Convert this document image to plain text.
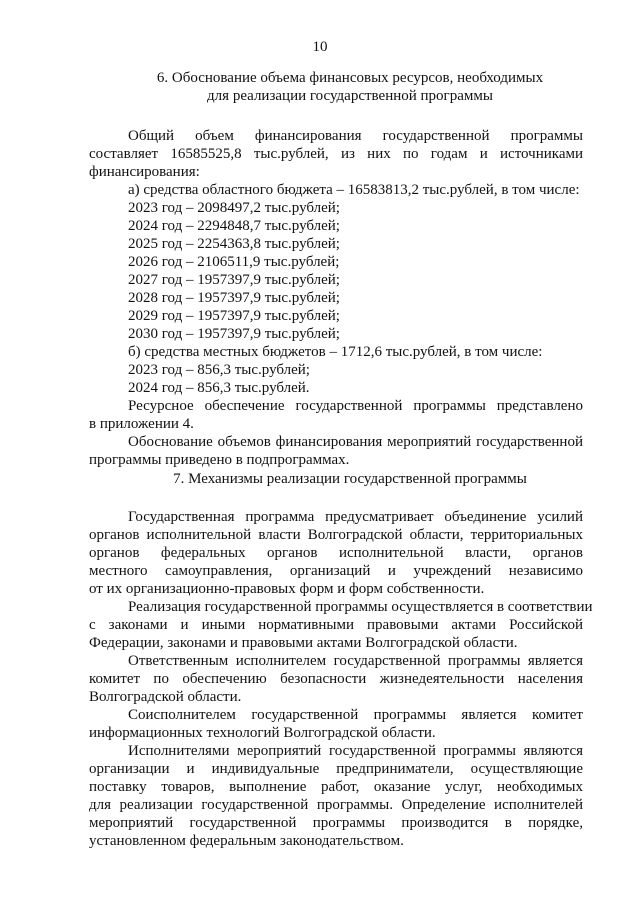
10
6. Обоснование объема финансовых ресурсов, необходимых
для реализации государственной программы
Общий объем финансирования государственной программы
составляет 16585525,8 тыс.рублей, из них по годам и источниками
финансирования:
а) средства областного бюджета – 16583813,2 тыс.рублей, в том числе:
2023 год – 2098497,2 тыс.рублей;
2024 год – 2294848,7 тыс.рублей;
2025 год – 2254363,8 тыс.рублей;
2026 год – 2106511,9 тыс.рублей;
2027 год – 1957397,9 тыс.рублей;
2028 год – 1957397,9 тыс.рублей;
2029 год – 1957397,9 тыс.рублей;
2030 год – 1957397,9 тыс.рублей;
б) средства местных бюджетов – 1712,6 тыс.рублей, в том числе:
2023 год – 856,3 тыс.рублей;
2024 год – 856,3 тыс.рублей.
Ресурсное обеспечение государственной программы представлено
в приложении 4.
Обоснование объемов финансирования мероприятий государственной
программы приведено в подпрограммах.
7. Механизмы реализации государственной программы
Государственная программа предусматривает объединение усилий
органов исполнительной власти Волгоградской области, территориальных
органов федеральных органов исполнительной власти, органов
местного самоуправления, организаций и учреждений независимо
от их организационно-правовых форм и форм собственности.
Реализация государственной программы осуществляется в соответствии
с законами и иными нормативными правовыми актами Российской
Федерации, законами и правовыми актами Волгоградской области.
Ответственным исполнителем государственной программы является
комитет по обеспечению безопасности жизнедеятельности населения
Волгоградской области.
Соисполнителем государственной программы является комитет
информационных технологий Волгоградской области.
Исполнителями мероприятий государственной программы являются
организации и индивидуальные предприниматели, осуществляющие
поставку товаров, выполнение работ, оказание услуг, необходимых
для реализации государственной программы. Определение исполнителей
мероприятий государственной программы производится в порядке,
установленном федеральным законодательством.
